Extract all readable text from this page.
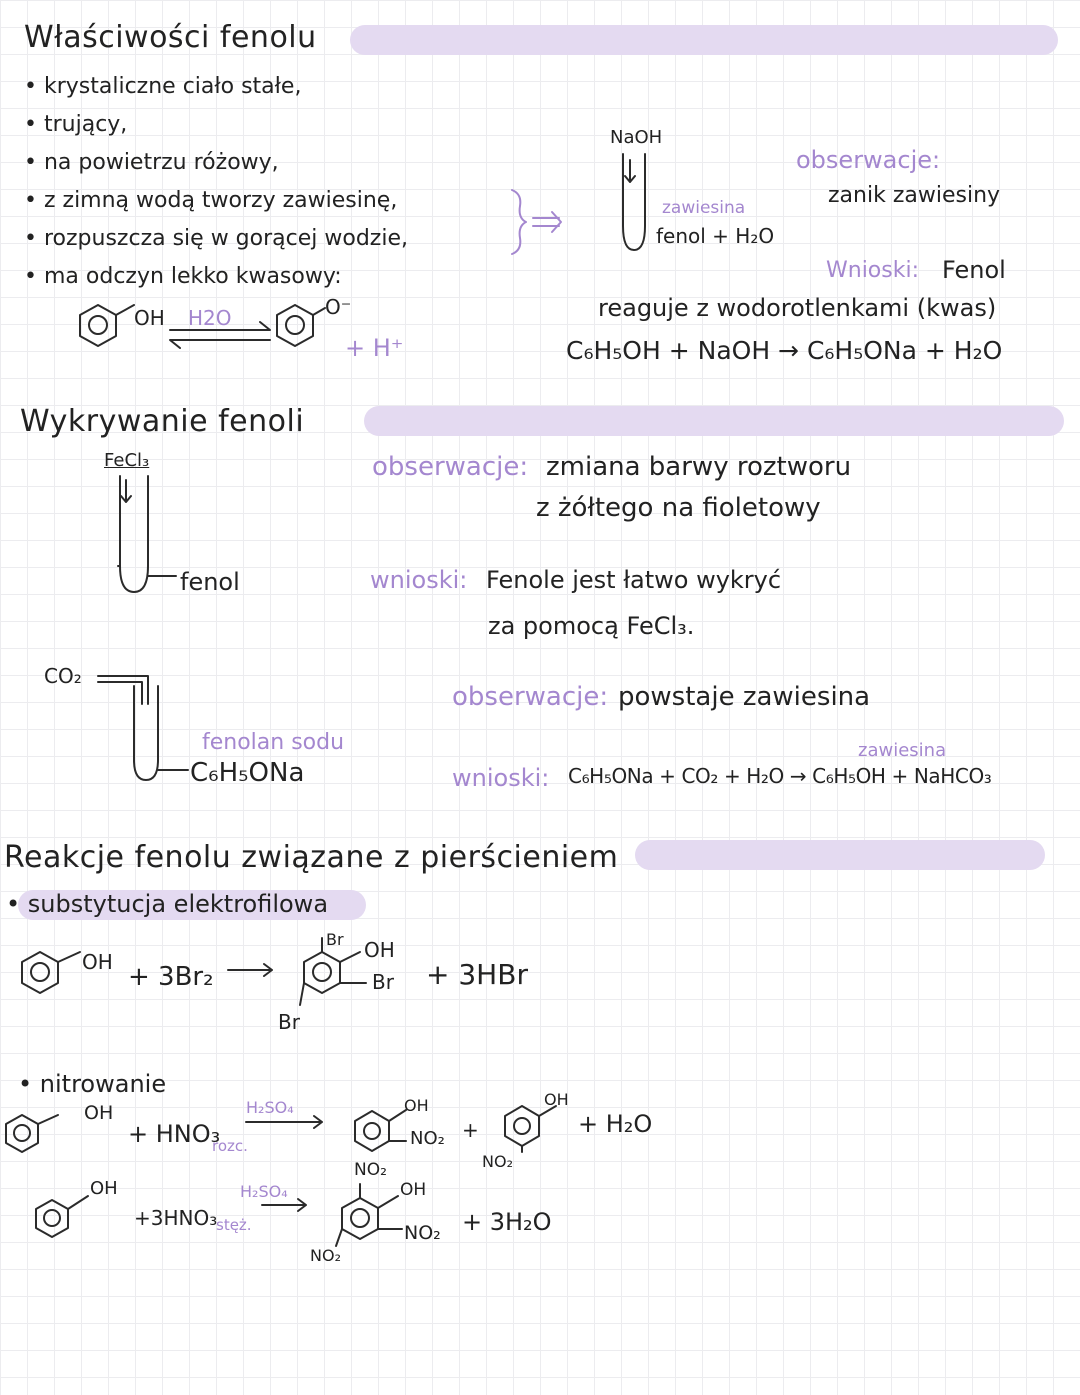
Właściwości fenolu
• krystaliczne ciało stałe,
• trujący,
• na powietrzu różowy,
• z zimną wodą tworzy zawiesinę,
• rozpuszcza się w gorącej wodzie,
• ma odczyn lekko kwasowy:
OH H2O	O⁻
+ H⁺
NaOH
zawiesina
fenol + H₂O
obserwacje:
zanik zawiesiny
Wnioski: Fenol
reaguje z wodorotlenkami (kwas)
C₆H₅OH + NaOH → C₆H₅ONa + H₂O
Wykrywanie fenoli
FeCl₃
fenol
obserwacje: zmiana barwy roztworu
z żółtego na fioletowy
wnioski: Fenole jest łatwo wykryć
za pomocą FeCl₃.
CO₂
fenolan sodu
C₆H₅ONa
obserwacje: powstaje zawiesina
zawiesina
wnioski: C₆H₅ONa + CO₂ + H₂O → C₆H₅OH + NaHCO₃
Reakcje fenolu związane z pierścieniem
• substytucja elektrofilowa
OH + 3Br₂
Br OH
Br
Br
+ 3HBr
• nitrowanie
OH
+ HNO₃
rozc.
H₂SO₄	OH
NO₂ +
OH
NO₂
+ H₂O
OH
+3HNO₃
stęż.
H₂SO₄
NO₂
OH
NO₂
NO₂
+ 3H₂O
